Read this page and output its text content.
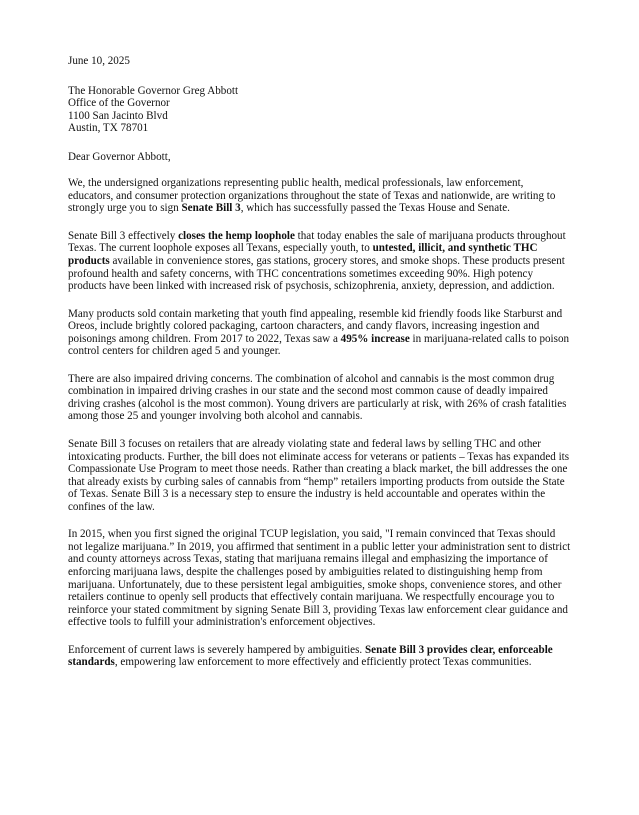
June 10, 2025

The Honorable Governor Greg Abbott
Office of the Governor
1100 San Jacinto Blvd
Austin, TX 78701

Dear Governor Abbott,

We, the undersigned organizations representing public health, medical professionals, law enforcement, educators, and consumer protection organizations throughout the state of Texas and nationwide, are writing to strongly urge you to sign Senate Bill 3, which has successfully passed the Texas House and Senate.

Senate Bill 3 effectively closes the hemp loophole that today enables the sale of marijuana products throughout Texas. The current loophole exposes all Texans, especially youth, to untested, illicit, and synthetic THC products available in convenience stores, gas stations, grocery stores, and smoke shops. These products present profound health and safety concerns, with THC concentrations sometimes exceeding 90%. High potency products have been linked with increased risk of psychosis, schizophrenia, anxiety, depression, and addiction.

Many products sold contain marketing that youth find appealing, resemble kid friendly foods like Starburst and Oreos, include brightly colored packaging, cartoon characters, and candy flavors, increasing ingestion and poisonings among children. From 2017 to 2022, Texas saw a 495% increase in marijuana-related calls to poison control centers for children aged 5 and younger.

There are also impaired driving concerns. The combination of alcohol and cannabis is the most common drug combination in impaired driving crashes in our state and the second most common cause of deadly impaired driving crashes (alcohol is the most common). Young drivers are particularly at risk, with 26% of crash fatalities among those 25 and younger involving both alcohol and cannabis.

Senate Bill 3 focuses on retailers that are already violating state and federal laws by selling THC and other intoxicating products. Further, the bill does not eliminate access for veterans or patients – Texas has expanded its Compassionate Use Program to meet those needs. Rather than creating a black market, the bill addresses the one that already exists by curbing sales of cannabis from “hemp” retailers importing products from outside the State of Texas. Senate Bill 3 is a necessary step to ensure the industry is held accountable and operates within the confines of the law.

In 2015, when you first signed the original TCUP legislation, you said, "I remain convinced that Texas should not legalize marijuana.” In 2019, you affirmed that sentiment in a public letter your administration sent to district and county attorneys across Texas, stating that marijuana remains illegal and emphasizing the importance of enforcing marijuana laws, despite the challenges posed by ambiguities related to distinguishing hemp from marijuana. Unfortunately, due to these persistent legal ambiguities, smoke shops, convenience stores, and other retailers continue to openly sell products that effectively contain marijuana. We respectfully encourage you to reinforce your stated commitment by signing Senate Bill 3, providing Texas law enforcement clear guidance and effective tools to fulfill your administration's enforcement objectives.

Enforcement of current laws is severely hampered by ambiguities. Senate Bill 3 provides clear, enforceable standards, empowering law enforcement to more effectively and efficiently protect Texas communities.
